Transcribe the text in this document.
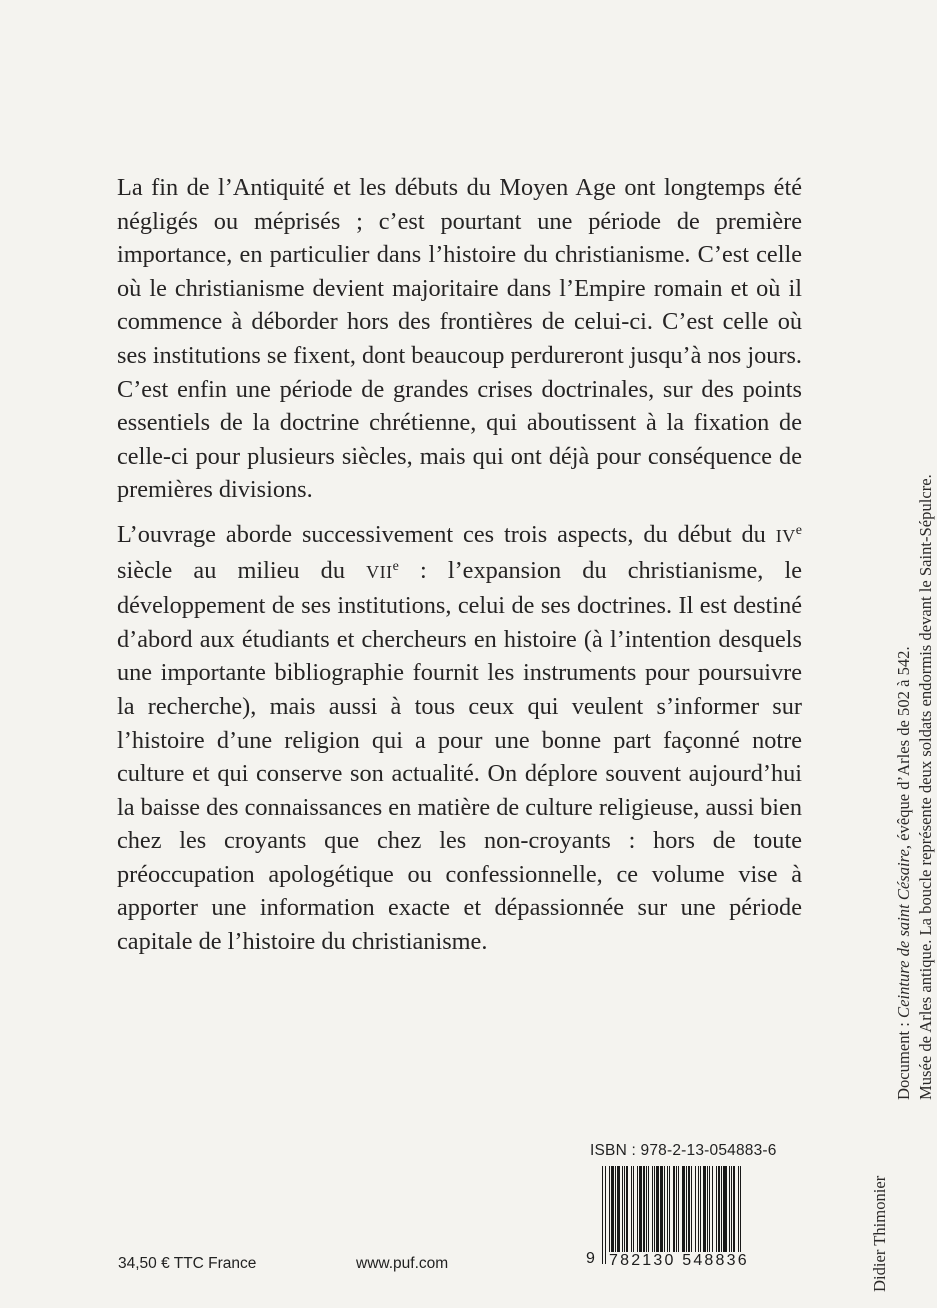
La fin de l’Antiquité et les débuts du Moyen Age ont longtemps été négligés ou méprisés ; c’est pourtant une période de première importance, en particulier dans l’histoire du christianisme. C’est celle où le christianisme devient majoritaire dans l’Empire romain et où il commence à déborder hors des frontières de celui-ci. C’est celle où ses institutions se fixent, dont beaucoup perdureront jusqu’à nos jours. C’est enfin une période de grandes crises doctrinales, sur des points essentiels de la doctrine chrétienne, qui aboutissent à la fixation de celle-ci pour plusieurs siècles, mais qui ont déjà pour conséquence de premières divisions.

L’ouvrage aborde successivement ces trois aspects, du début du IVe siècle au milieu du VIIe : l’expansion du christianisme, le développement de ses institutions, celui de ses doctrines. Il est destiné d’abord aux étudiants et chercheurs en histoire (à l’intention desquels une importante bibliographie fournit les instruments pour poursuivre la recherche), mais aussi à tous ceux qui veulent s’informer sur l’histoire d’une religion qui a pour une bonne part façonné notre culture et qui conserve son actualité. On déplore souvent aujourd’hui la baisse des connaissances en matière de culture religieuse, aussi bien chez les croyants que chez les non-croyants : hors de toute préoccupation apologétique ou confessionnelle, ce volume vise à apporter une information exacte et dépassionnée sur une période capitale de l’histoire du christianisme.

Didier Thimonier
Document : Ceinture de saint Césaire, évêque d’Arles de 502 à 542. Musée de Arles antique. La boucle représente deux soldats endormis devant le Saint-Sépulcre.
ISBN : 978-2-13-054883-6
9 782130 548836
34,50 € TTC France	www.puf.com
